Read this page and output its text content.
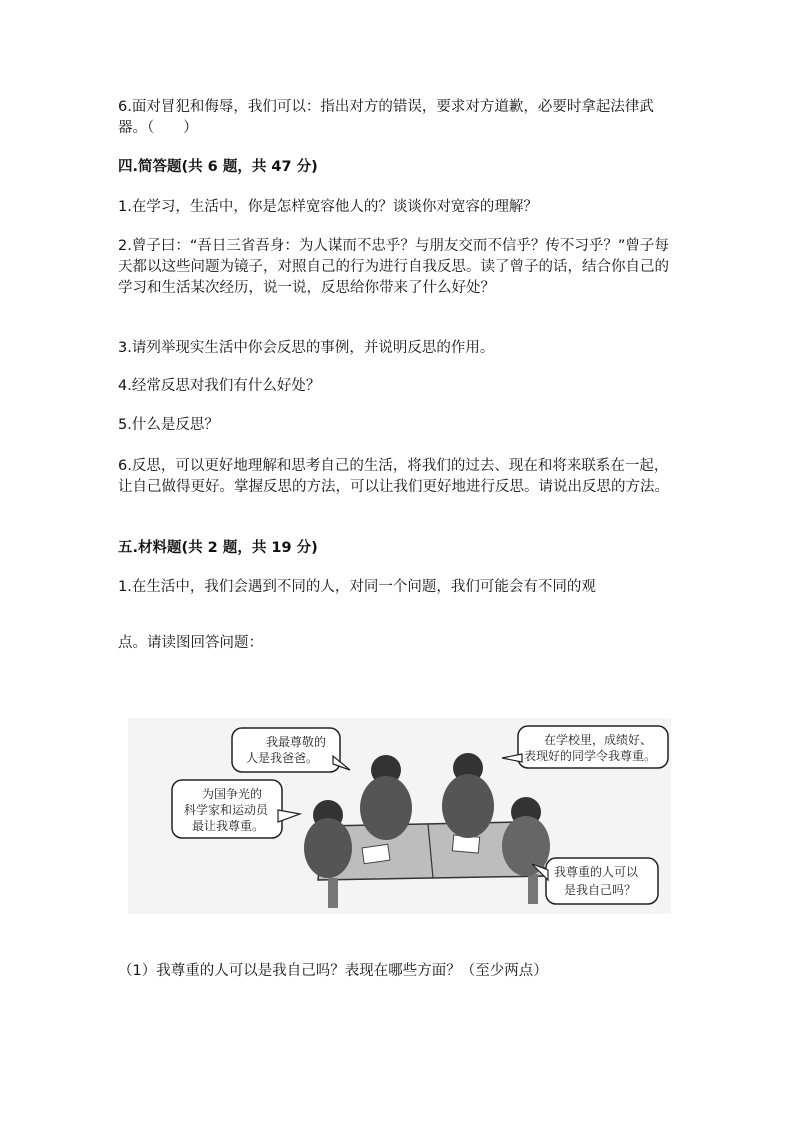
6.面对冒犯和侮辱，我们可以：指出对方的错误，要求对方道歉，必要时拿起法律武器。（　　）

四.简答题(共 6 题，共 47 分)

1.在学习，生活中，你是怎样宽容他人的？谈谈你对宽容的理解？

2.曾子曰：“吾日三省吾身：为人谋而不忠乎？与朋友交而不信乎？传不习乎？”曾子每天都以这些问题为镜子，对照自己的行为进行自我反思。读了曾子的话，结合你自己的学习和生活某次经历，说一说，反思给你带来了什么好处？

3.请列举现实生活中你会反思的事例，并说明反思的作用。

4.经常反思对我们有什么好处？

5.什么是反思？

6.反思，可以更好地理解和思考自己的生活，将我们的过去、现在和将来联系在一起，让自己做得更好。掌握反思的方法，可以让我们更好地进行反思。请说出反思的方法。

五.材料题(共 2 题，共 19 分)

1.在生活中，我们会遇到不同的人，对同一个问题，我们可能会有不同的观

点。请读图回答问题：

我最尊敬的
人是我爸爸。
为国争光的
科学家和运动员
最让我尊重。
在学校里，成绩好、
表现好的同学令我尊重。
我尊重的人可以
是我自己吗？

（1）我尊重的人可以是我自己吗？表现在哪些方面？（至少两点）
